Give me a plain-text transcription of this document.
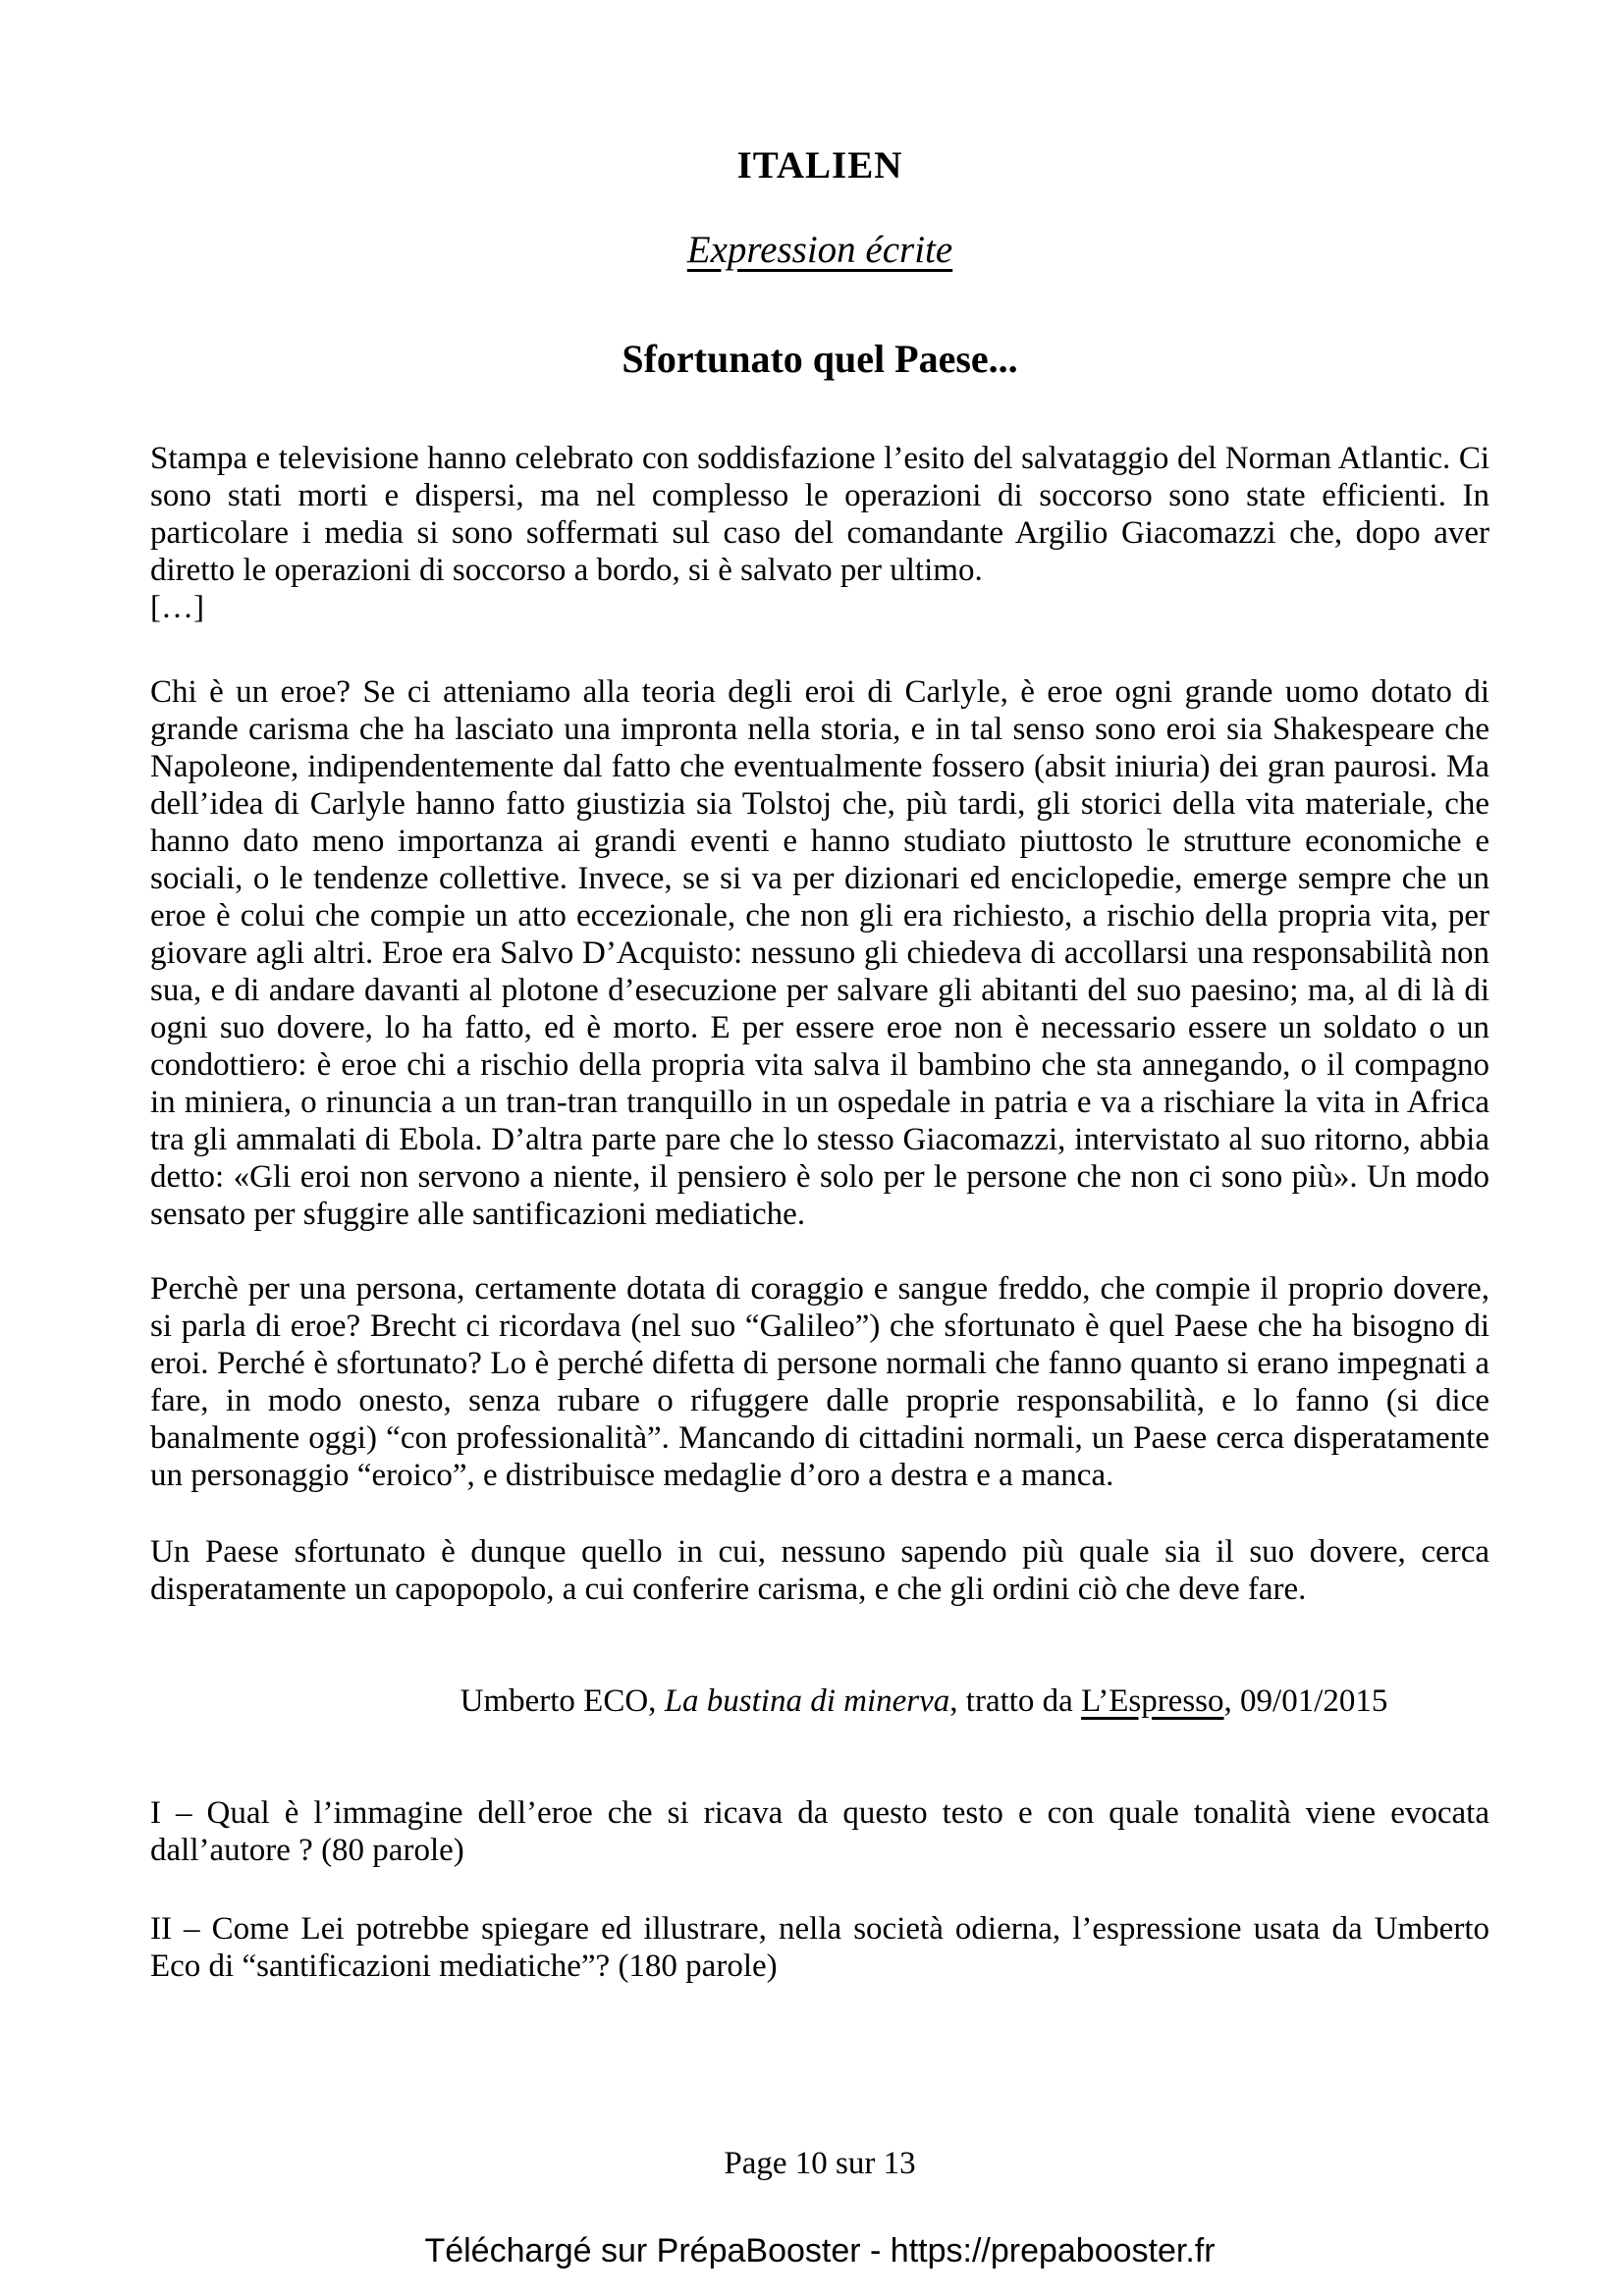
ITALIEN
Expression écrite
Sfortunato quel Paese...

Stampa e televisione hanno celebrato con soddisfazione l’esito del salvataggio del Norman Atlantic. Ci sono stati morti e dispersi, ma nel complesso le operazioni di soccorso sono state efficienti. In particolare i media si sono soffermati sul caso del comandante Argilio Giacomazzi che, dopo aver diretto le operazioni di soccorso a bordo, si è salvato per ultimo.

[…]

Chi è un eroe? Se ci atteniamo alla teoria degli eroi di Carlyle, è eroe ogni grande uomo dotato di grande carisma che ha lasciato una impronta nella storia, e in tal senso sono eroi sia Shakespeare che Napoleone, indipendentemente dal fatto che eventualmente fossero (absit iniuria) dei gran paurosi. Ma dell’idea di Carlyle hanno fatto giustizia sia Tolstoj che, più tardi, gli storici della vita materiale, che hanno dato meno importanza ai grandi eventi e hanno studiato piuttosto le strutture economiche e sociali, o le tendenze collettive. Invece, se si va per dizionari ed enciclopedie, emerge sempre che un eroe è colui che compie un atto eccezionale, che non gli era richiesto, a rischio della propria vita, per giovare agli altri. Eroe era Salvo D’Acquisto: nessuno gli chiedeva di accollarsi una responsabilità non sua, e di andare davanti al plotone d’esecuzione per salvare gli abitanti del suo paesino; ma, al di là di ogni suo dovere, lo ha fatto, ed è morto. E per essere eroe non è necessario essere un soldato o un condottiero: è eroe chi a rischio della propria vita salva il bambino che sta annegando, o il compagno in miniera, o rinuncia a un tran-tran tranquillo in un ospedale in patria e va a rischiare la vita in Africa tra gli ammalati di Ebola. D’altra parte pare che lo stesso Giacomazzi, intervistato al suo ritorno, abbia detto: «Gli eroi non servono a niente, il pensiero è solo per le persone che non ci sono più». Un modo sensato per sfuggire alle santificazioni mediatiche.

Perchè per una persona, certamente dotata di coraggio e sangue freddo, che compie il proprio dovere, si parla di eroe? Brecht ci ricordava (nel suo “Galileo”) che sfortunato è quel Paese che ha bisogno di eroi. Perché è sfortunato? Lo è perché difetta di persone normali che fanno quanto si erano impegnati a fare, in modo onesto, senza rubare o rifuggere dalle proprie responsabilità, e lo fanno (si dice banalmente oggi) “con professionalità”. Mancando di cittadini normali, un Paese cerca disperatamente un personaggio “eroico”, e distribuisce medaglie d’oro a destra e a manca.

Un Paese sfortunato è dunque quello in cui, nessuno sapendo più quale sia il suo dovere, cerca disperatamente un capopopolo, a cui conferire carisma, e che gli ordini ciò che deve fare.

Umberto ECO, La bustina di minerva, tratto da L’Espresso, 09/01/2015

I – Qual è l’immagine dell’eroe che si ricava da questo testo e con quale tonalità viene evocata dall’autore ? (80 parole)

II – Come Lei potrebbe spiegare ed illustrare, nella società odierna, l’espressione usata da Umberto Eco di “santificazioni mediatiche”? (180 parole)

Page 10 sur 13
Téléchargé sur PrépaBooster - https://prepabooster.fr
